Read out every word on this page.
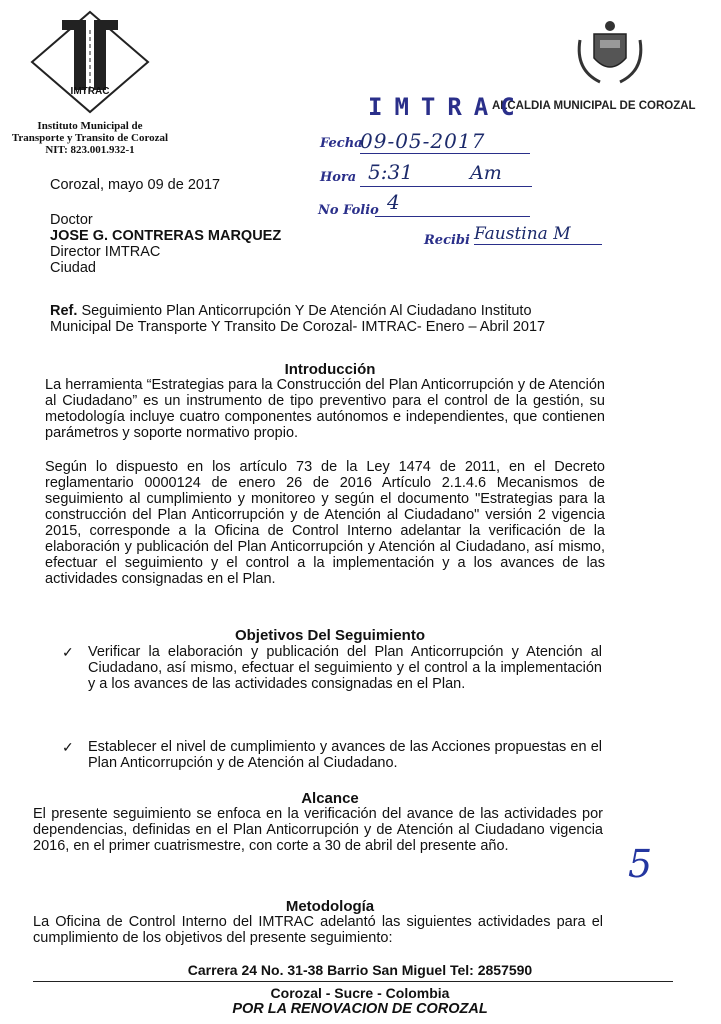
IMTRAC
Instituto Municipal de
Transporte y Transito de Corozal
NIT: 823.001.932-1
ALCALDIA MUNICIPAL DE COROZAL
IMTRAC
Fecha
09-05-2017
Hora 5:31	Am
No Folio 4
Recibi Faustina M
Corozal, mayo 09 de 2017
Doctor
JOSE G. CONTRERAS MARQUEZ
Director IMTRAC
Ciudad
Ref. Seguimiento Plan Anticorrupción Y De Atención Al Ciudadano Instituto Municipal De Transporte Y Transito De Corozal- IMTRAC- Enero – Abril 2017
Introducción
La herramienta “Estrategias para la Construcción del Plan Anticorrupción y de Atención al Ciudadano” es un instrumento de tipo preventivo para el control de la gestión, su metodología incluye cuatro componentes autónomos e independientes, que contienen parámetros y soporte normativo propio.
Según lo dispuesto en los artículo 73 de la Ley 1474 de 2011, en el Decreto reglamentario 0000124 de enero 26 de 2016 Artículo 2.1.4.6 Mecanismos de seguimiento al cumplimiento y monitoreo y según el documento "Estrategias para la construcción del Plan Anticorrupción y de Atención al Ciudadano" versión 2 vigencia 2015, corresponde a la Oficina de Control Interno adelantar la verificación de la elaboración y publicación del Plan Anticorrupción y Atención al Ciudadano, así mismo, efectuar el seguimiento y el control a la implementación y a los avances de las actividades consignadas en el Plan.
Objetivos Del Seguimiento
✓ Verificar la elaboración y publicación del Plan Anticorrupción y Atención al Ciudadano, así mismo, efectuar el seguimiento y el control a la implementación y a los avances de las actividades consignadas en el Plan.
✓ Establecer el nivel de cumplimiento y avances de las Acciones propuestas en el Plan Anticorrupción y de Atención al Ciudadano.
Alcance
El presente seguimiento se enfoca en la verificación del avance de las actividades por dependencias, definidas en el Plan Anticorrupción y de Atención al Ciudadano vigencia 2016, en el primer cuatrismestre, con corte a 30 de abril del presente año.
Metodología
La Oficina de Control Interno del IMTRAC adelantó las siguientes actividades para el cumplimiento de los objetivos del presente seguimiento:
5
Carrera 24 No. 31-38 Barrio San Miguel Tel: 2857590
Corozal - Sucre - Colombia
POR LA RENOVACION DE COROZAL
